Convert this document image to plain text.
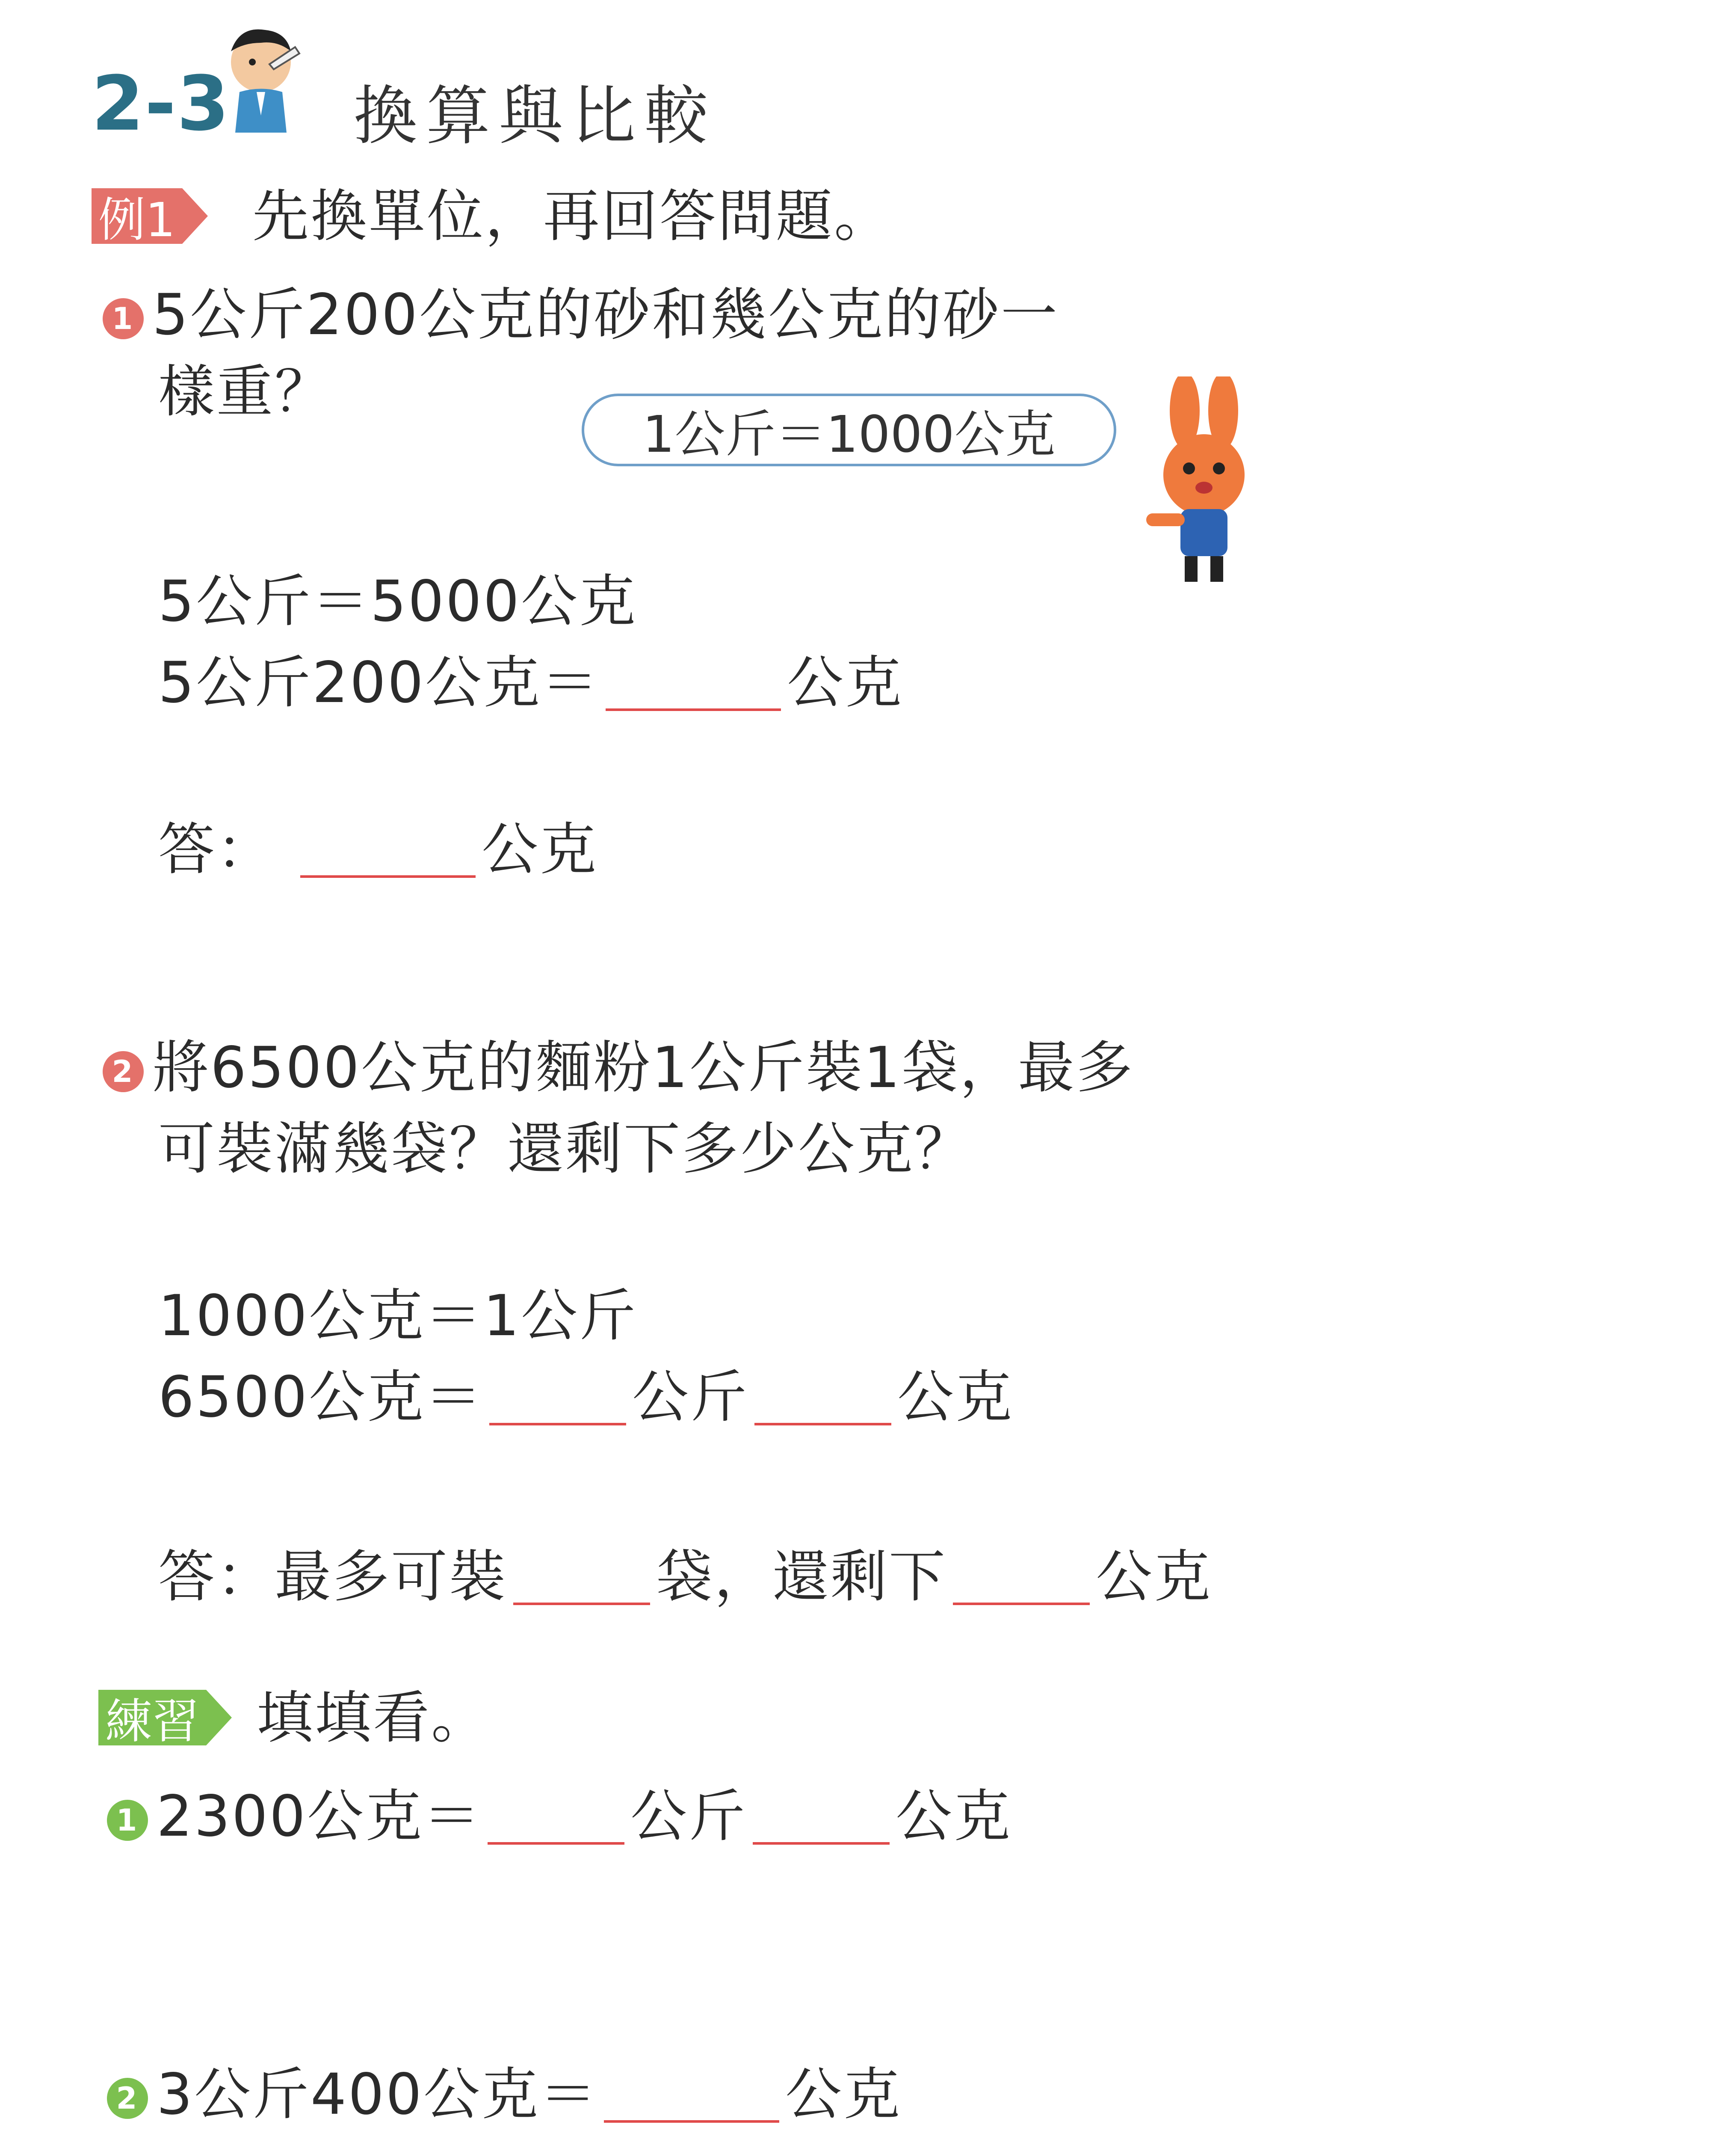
2-3 換算與比較
例1 先換單位，再回答問題。
1 5公斤200公克的砂和幾公克的砂一
樣重？
1公斤＝1000公克
5公斤＝5000公克
5公斤200公克＝	公克
答：	公克
2 將6500公克的麵粉1公斤裝1袋，最多
可裝滿幾袋？還剩下多少公克？
1000公克＝1公斤
6500公克＝	公斤	公克
答：最多可裝	袋，還剩下	公克
練習 填填看。
1 2300公克＝	公斤	公克
2 3公斤400公克＝	公克
